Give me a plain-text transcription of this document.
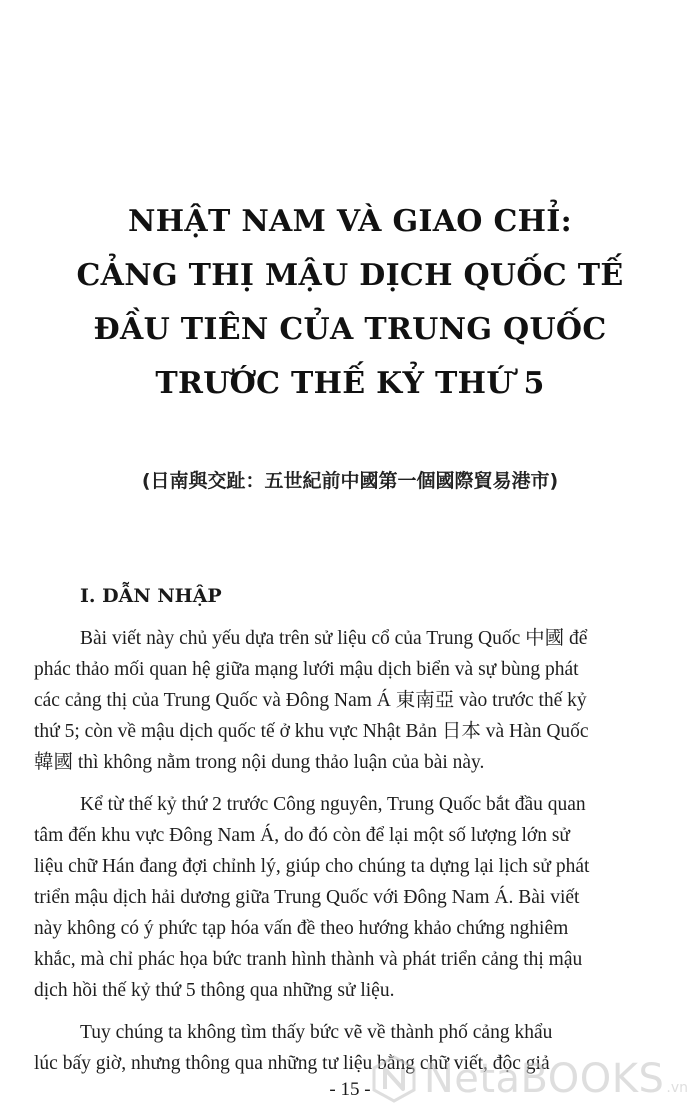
NHẬT NAM VÀ GIAO CHỈ:
CẢNG THỊ MẬU DỊCH QUỐC TẾ
ĐẦU TIÊN CỦA TRUNG QUỐC
TRƯỚC THẾ KỶ THỨ 5
(日南與交趾：五世紀前中國第一個國際貿易港市)
I. DẪN NHẬP
Bài viết này chủ yếu dựa trên sử liệu cổ của Trung Quốc 中國 để
phác thảo mối quan hệ giữa mạng lưới mậu dịch biển và sự bùng phát
các cảng thị của Trung Quốc và Đông Nam Á 東南亞 vào trước thế kỷ
thứ 5; còn về mậu dịch quốc tế ở khu vực Nhật Bản 日本 và Hàn Quốc
韓國 thì không nằm trong nội dung thảo luận của bài này.
Kể từ thế kỷ thứ 2 trước Công nguyên, Trung Quốc bắt đầu quan
tâm đến khu vực Đông Nam Á, do đó còn để lại một số lượng lớn sử
liệu chữ Hán đang đợi chỉnh lý, giúp cho chúng ta dựng lại lịch sử phát
triển mậu dịch hải dương giữa Trung Quốc với Đông Nam Á. Bài viết
này không có ý phức tạp hóa vấn đề theo hướng khảo chứng nghiêm
khắc, mà chỉ phác họa bức tranh hình thành và phát triển cảng thị mậu
dịch hồi thế kỷ thứ 5 thông qua những sử liệu.
Tuy chúng ta không tìm thấy bức vẽ về thành phố cảng khẩu
lúc bấy giờ, nhưng thông qua những tư liệu bằng chữ viết, độc giả
- 15 -	NetaBOOKS .vn
